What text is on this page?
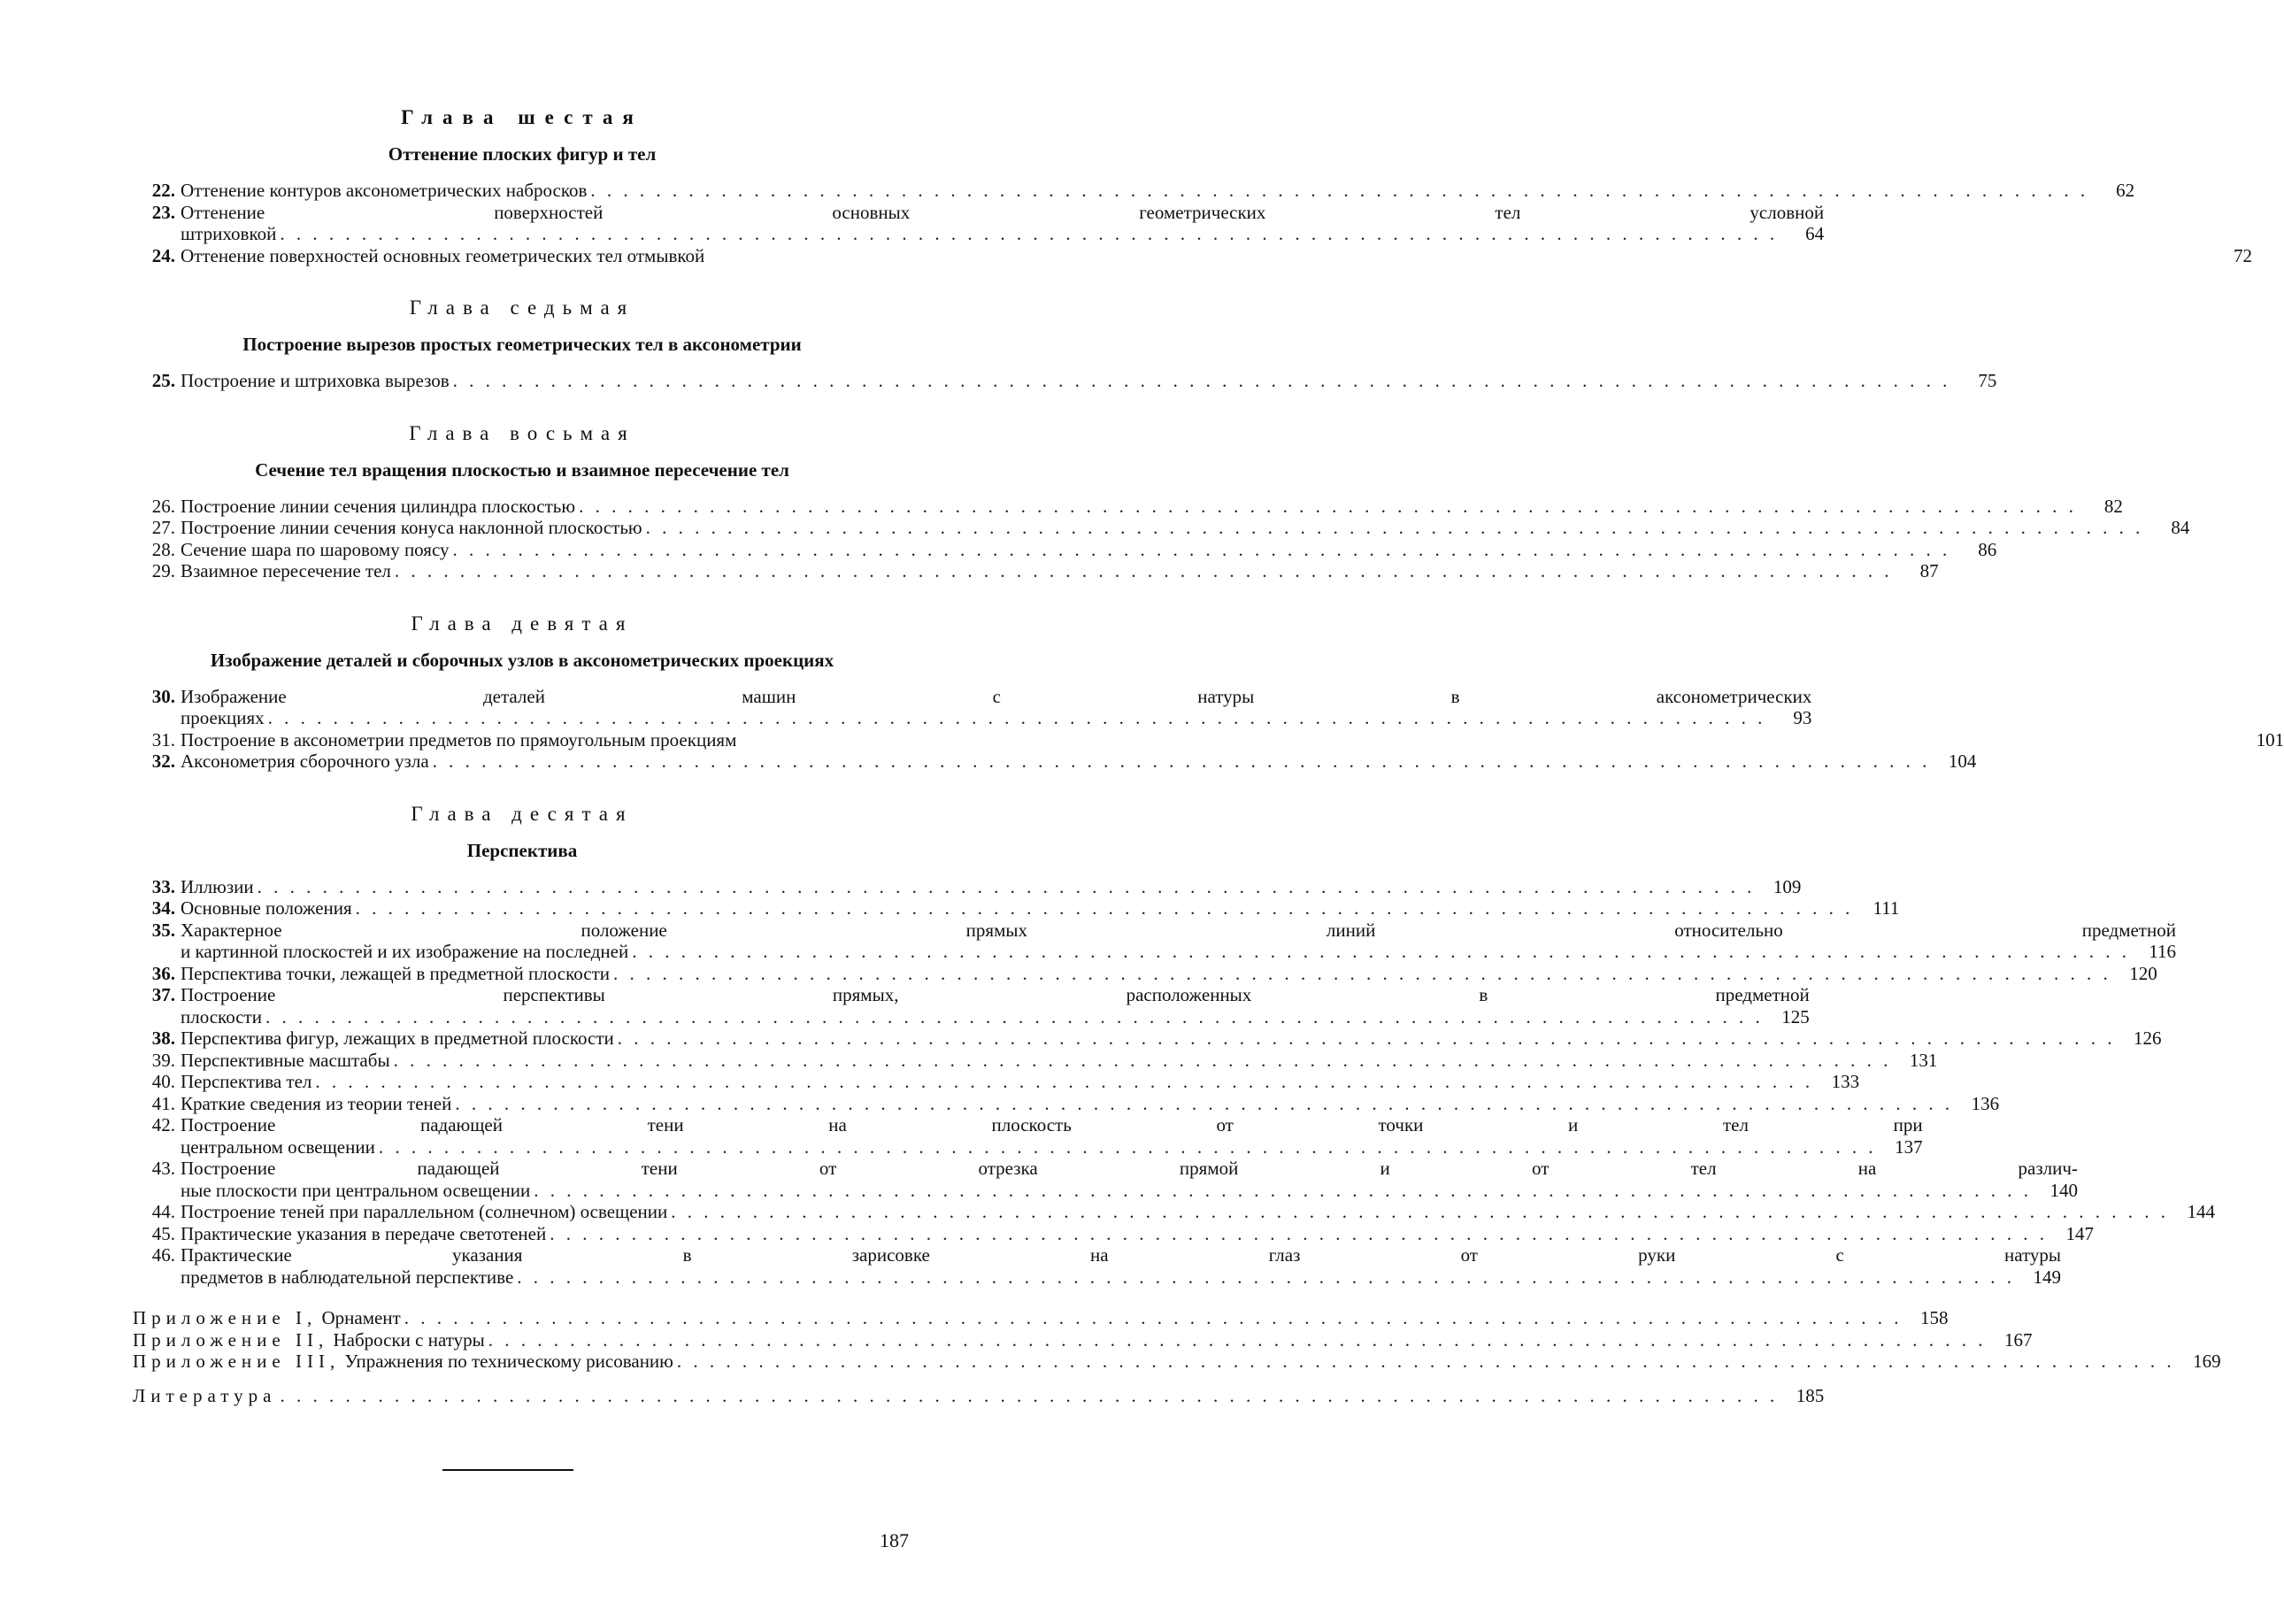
Глава шестая
Оттенение плоских фигур и тел
22. Оттенение контуров аксонометрических набросков . . .	62
23. Оттенение поверхностей основных геометрических тел условной
штриховкой . . .	64
24. Оттенение поверхностей основных геометрических тел отмывкой	72
Глава седьмая
Построение вырезов простых геометрических тел в аксонометрии
25. Построение и штриховка вырезов . . .	75
Глава восьмая
Сечение тел вращения плоскостью и взаимное пересечение тел
26. Построение линии сечения цилиндра плоскостью . . .	82
27. Построение линии сечения конуса наклонной плоскостью . . .	84
28. Сечение шара по шаровому поясу . . .	86
29. Взаимное пересечение тел . . .	87
Глава девятая
Изображение деталей и сборочных узлов в аксонометрических проекциях
30. Изображение деталей машин с натуры в аксонометрических
проекциях . . .	93
31. Построение в аксонометрии предметов по прямоугольным проекциям	101
32. Аксонометрия сборочного узла . . .	104
Глава десятая
Перспектива
33. Иллюзии . . .	109
34. Основные положения . . .	111
35. Характерное положение прямых линий относительно предметной
и картинной плоскостей и их изображение на последней . . .	116
36. Перспектива точки, лежащей в предметной плоскости . . .	120
37. Построение перспективы прямых, расположенных в предметной
плоскости . . .	125
38. Перспектива фигур, лежащих в предметной плоскости . . .	126
39. Перспективные масштабы . . .	131
40. Перспектива тел . . .	133
41. Краткие сведения из теории теней . . .	136
42. Построение падающей тени на плоскость от точки и тел при
центральном освещении . . .	137
43. Построение падающей тени от отрезка прямой и от тел на различ-
ные плоскости при центральном освещении . . .	140
44. Построение теней при параллельном (солнечном) освещении . . .	144
45. Практические указания в передаче светотеней . . .	147
46. Практические указания в зарисовке на глаз от руки с натуры
предметов в наблюдательной перспективе . . .	149
Приложение I,
Орнамент . . .	158
Приложение II,
Наброски с натуры . . .	167
Приложение III,
Упражнения по техническому рисованию . . .	169
Литература . . .	185
187
